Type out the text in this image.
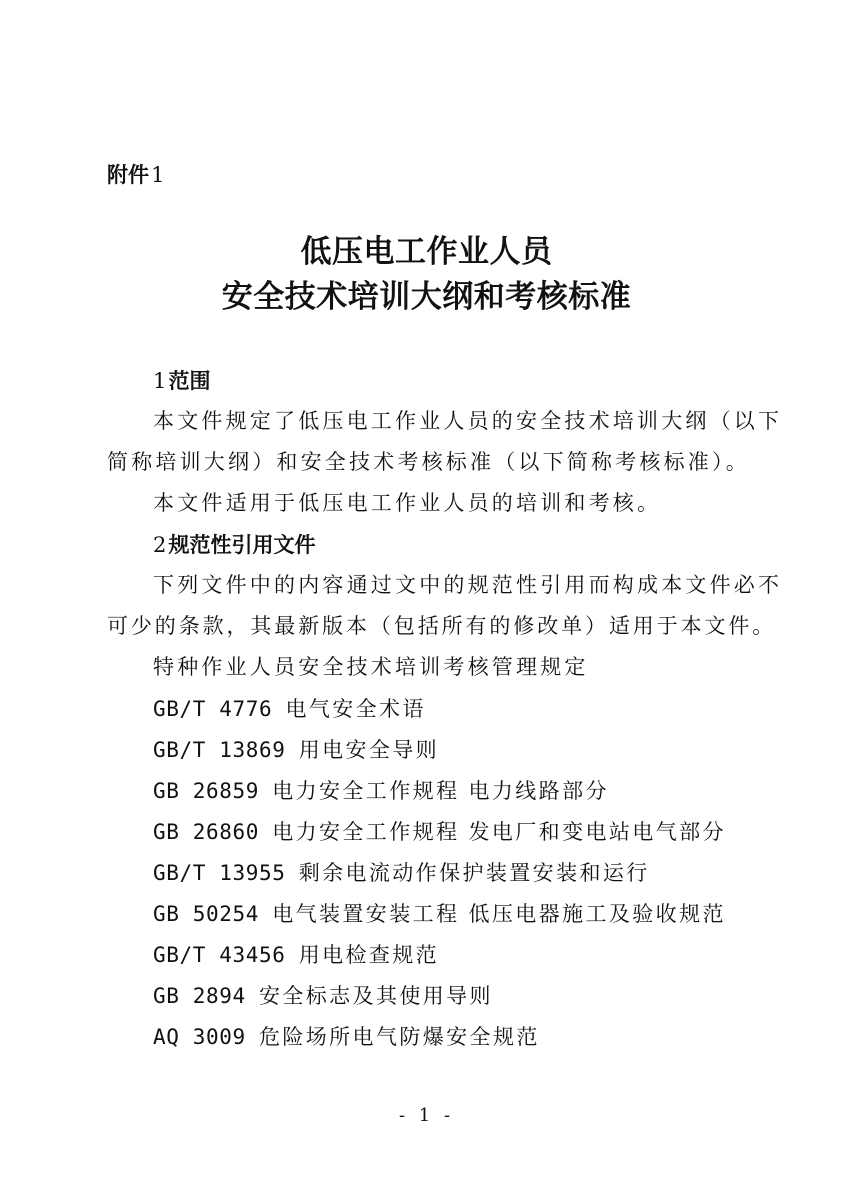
附件 1
低压电工作业人员
安全技术培训大纲和考核标准
1 范围
本文件规定了低压电工作业人员的安全技术培训大纲（以下
简称培训大纲）和安全技术考核标准（以下简称考核标准）。
本文件适用于低压电工作业人员的培训和考核。
2 规范性引用文件
下列文件中的内容通过文中的规范性引用而构成本文件必不
可少的条款，其最新版本（包括所有的修改单）适用于本文件。
特种作业人员安全技术培训考核管理规定
GB/T 4776 电气安全术语
GB/T 13869 用电安全导则
GB 26859 电力安全工作规程 电力线路部分
GB 26860 电力安全工作规程 发电厂和变电站电气部分
GB/T 13955 剩余电流动作保护装置安装和运行
GB 50254 电气装置安装工程 低压电器施工及验收规范
GB/T 43456 用电检查规范
GB 2894 安全标志及其使用导则
AQ 3009 危险场所电气防爆安全规范
- 1 -
